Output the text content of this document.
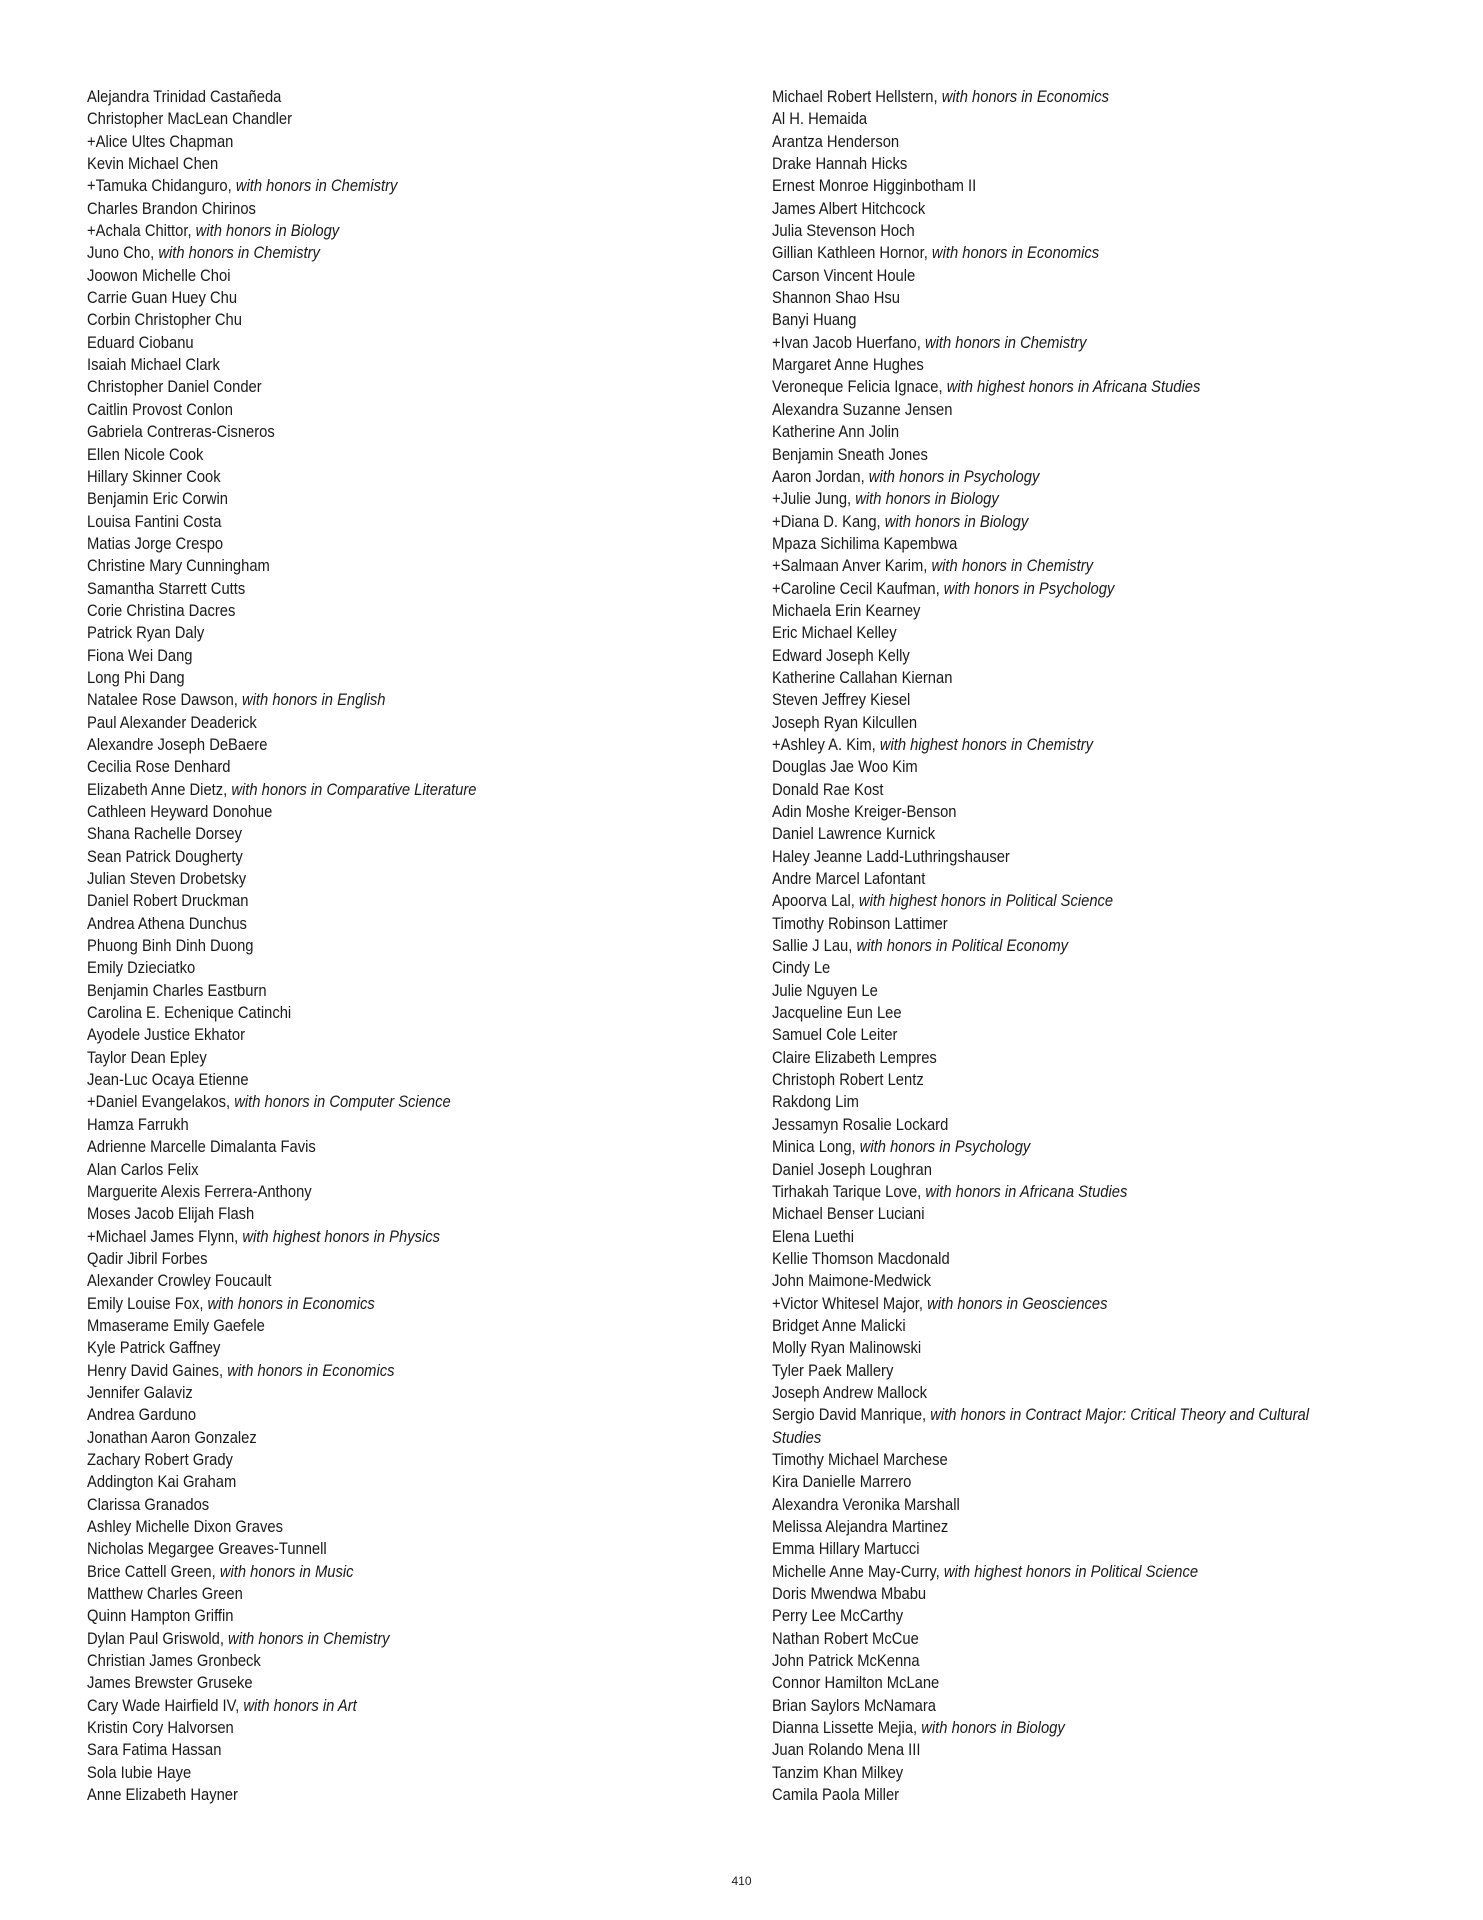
Alejandra Trinidad Castañeda
Christopher MacLean Chandler
+Alice Ultes Chapman
Kevin Michael Chen
+Tamuka Chidanguro, with honors in Chemistry
Charles Brandon Chirinos
+Achala Chittor, with honors in Biology
Juno Cho, with honors in Chemistry
Joowon Michelle Choi
Carrie Guan Huey Chu
Corbin Christopher Chu
Eduard Ciobanu
Isaiah Michael Clark
Christopher Daniel Conder
Caitlin Provost Conlon
Gabriela Contreras-Cisneros
Ellen Nicole Cook
Hillary Skinner Cook
Benjamin Eric Corwin
Louisa Fantini Costa
Matias Jorge Crespo
Christine Mary Cunningham
Samantha Starrett Cutts
Corie Christina Dacres
Patrick Ryan Daly
Fiona Wei Dang
Long Phi Dang
Natalee Rose Dawson, with honors in English
Paul Alexander Deaderick
Alexandre Joseph DeBaere
Cecilia Rose Denhard
Elizabeth Anne Dietz, with honors in Comparative Literature
Cathleen Heyward Donohue
Shana Rachelle Dorsey
Sean Patrick Dougherty
Julian Steven Drobetsky
Daniel Robert Druckman
Andrea Athena Dunchus
Phuong Binh Dinh Duong
Emily Dzieciatko
Benjamin Charles Eastburn
Carolina E. Echenique Catinchi
Ayodele Justice Ekhator
Taylor Dean Epley
Jean-Luc Ocaya Etienne
+Daniel Evangelakos, with honors in Computer Science
Hamza Farrukh
Adrienne Marcelle Dimalanta Favis
Alan Carlos Felix
Marguerite Alexis Ferrera-Anthony
Moses Jacob Elijah Flash
+Michael James Flynn, with highest honors in Physics
Qadir Jibril Forbes
Alexander Crowley Foucault
Emily Louise Fox, with honors in Economics
Mmaserame Emily Gaefele
Kyle Patrick Gaffney
Henry David Gaines, with honors in Economics
Jennifer Galaviz
Andrea Garduno
Jonathan Aaron Gonzalez
Zachary Robert Grady
Addington Kai Graham
Clarissa Granados
Ashley Michelle Dixon Graves
Nicholas Megargee Greaves-Tunnell
Brice Cattell Green, with honors in Music
Matthew Charles Green
Quinn Hampton Griffin
Dylan Paul Griswold, with honors in Chemistry
Christian James Gronbeck
James Brewster Gruseke
Cary Wade Hairfield IV, with honors in Art
Kristin Cory Halvorsen
Sara Fatima Hassan
Sola Iubie Haye
Anne Elizabeth Hayner
Michael Robert Hellstern, with honors in Economics
Al H. Hemaida
Arantza Henderson
Drake Hannah Hicks
Ernest Monroe Higginbotham II
James Albert Hitchcock
Julia Stevenson Hoch
Gillian Kathleen Hornor, with honors in Economics
Carson Vincent Houle
Shannon Shao Hsu
Banyi Huang
+Ivan Jacob Huerfano, with honors in Chemistry
Margaret Anne Hughes
Veroneque Felicia Ignace, with highest honors in Africana Studies
Alexandra Suzanne Jensen
Katherine Ann Jolin
Benjamin Sneath Jones
Aaron Jordan, with honors in Psychology
+Julie Jung, with honors in Biology
+Diana D. Kang, with honors in Biology
Mpaza Sichilima Kapembwa
+Salmaan Anver Karim, with honors in Chemistry
+Caroline Cecil Kaufman, with honors in Psychology
Michaela Erin Kearney
Eric Michael Kelley
Edward Joseph Kelly
Katherine Callahan Kiernan
Steven Jeffrey Kiesel
Joseph Ryan Kilcullen
+Ashley A. Kim, with highest honors in Chemistry
Douglas Jae Woo Kim
Donald Rae Kost
Adin Moshe Kreiger-Benson
Daniel Lawrence Kurnick
Haley Jeanne Ladd-Luthringshauser
Andre Marcel Lafontant
Apoorva Lal, with highest honors in Political Science
Timothy Robinson Lattimer
Sallie J Lau, with honors in Political Economy
Cindy Le
Julie Nguyen Le
Jacqueline Eun Lee
Samuel Cole Leiter
Claire Elizabeth Lempres
Christoph Robert Lentz
Rakdong Lim
Jessamyn Rosalie Lockard
Minica Long, with honors in Psychology
Daniel Joseph Loughran
Tirhakah Tarique Love, with honors in Africana Studies
Michael Benser Luciani
Elena Luethi
Kellie Thomson Macdonald
John Maimone-Medwick
+Victor Whitesel Major, with honors in Geosciences
Bridget Anne Malicki
Molly Ryan Malinowski
Tyler Paek Mallery
Joseph Andrew Mallock
Sergio David Manrique, with honors in Contract Major: Critical Theory and Cultural Studies
Timothy Michael Marchese
Kira Danielle Marrero
Alexandra Veronika Marshall
Melissa Alejandra Martinez
Emma Hillary Martucci
Michelle Anne May-Curry, with highest honors in Political Science
Doris Mwendwa Mbabu
Perry Lee McCarthy
Nathan Robert McCue
John Patrick McKenna
Connor Hamilton McLane
Brian Saylors McNamara
Dianna Lissette Mejia, with honors in Biology
Juan Rolando Mena III
Tanzim Khan Milkey
Camila Paola Miller
410
